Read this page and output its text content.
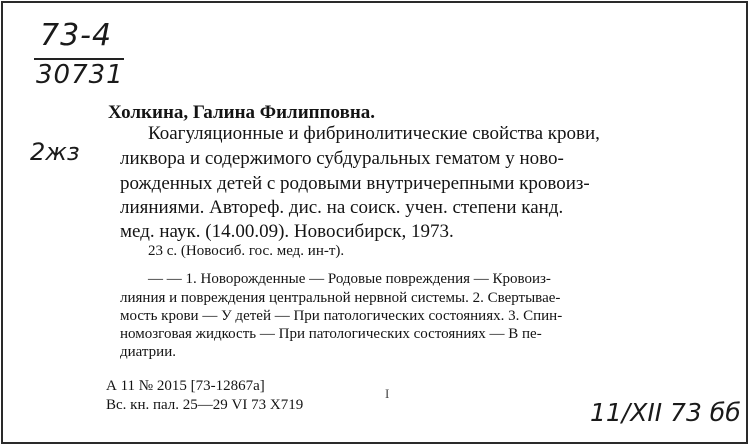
73-4
30731
2жз
Холкина, Галина Филипповна.
Коагуляционные и фибринолитические свойства крови,
ликвора и содержимого субдуральных гематом у ново-
рожденных детей с родовыми внутричерепными кровоиз-
лияниями. Автореф. дис. на соиск. учен. степени канд.
мед. наук. (14.00.09). Новосибирск, 1973.
23 с. (Новосиб. гос. мед. ин-т).
— — 1. Новорожденные — Родовые повреждения — Кровоиз-
лияния и повреждения центральной нервной системы. 2. Свертывае-
мость крови — У детей — При патологических состояниях. 3. Спин-
номозговая жидкость — При патологических состояниях — В пе-
диатрии.
А 11 № 2015 [73-12867а]
Вс. кн. пал. 25—29 VI 73 Х719
I
11/XII 73 бб
